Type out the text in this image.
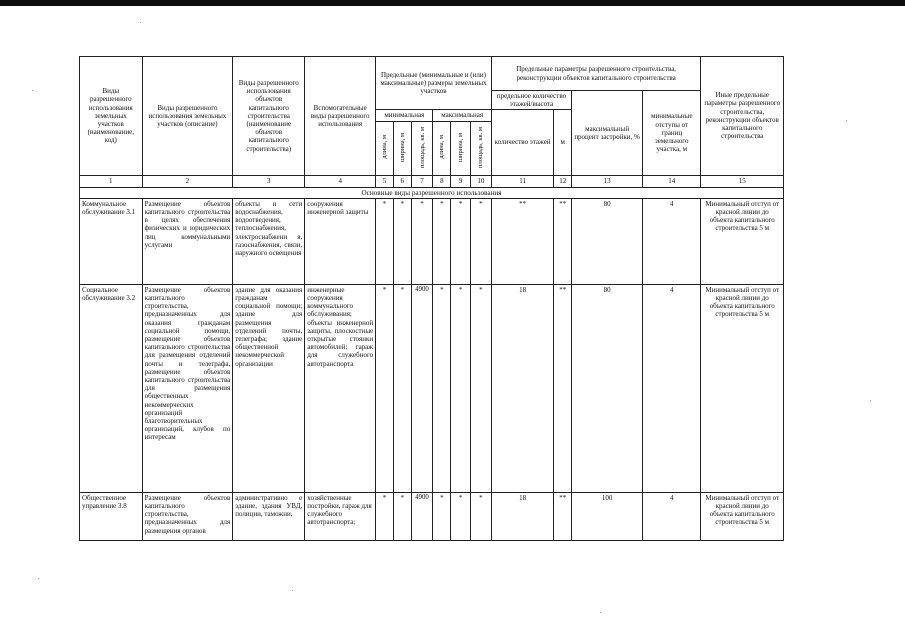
Виды разрешенного использования земельных участков (наименование, код)	Виды разрешенного использования земельных участков (описание)	Виды разрешенного использования объектов капитального строительства (наименование объектов капитального строительства)	Вспомогательные виды разрешенного использования	Предельные (минимальные и (или) максимальные) размеры земельных участков						Предельные параметры разрешенного строительства, реконструкции объектов капитального строительства				Иные предельные параметры разрешенного строительства, реконструкции объектов капитального строительства
										предельное количество этажей/высота		максимальный процент застройки, %	минимальные отступы от границ земельного участка, м	
				минимальная			максимальная			количество этажей	м			
				длина, м	ширина, м	площадь, кв. м	длина, м	ширина, м	площадь, кв. м					
1	2	3	4	5	6	7	8	9	10	11	12	13	14	15
Основные виды разрешенного использования														
Коммунальное обслуживание 3.1	Размещение объектов капитального строительства в целях обеспечения физических и юридических лиц коммунальными услугами	объекты и сети водоснабжения, водоотведения, теплоснабжения, электроснабжени я, газоснабжения, связи, наружного освещения	сооружения инженерной защиты	*	*	*	*	*	*	**	**	80	4	Минимальный отступ от красной линии до объекта капитального строительства 5 м
Социальное обслуживание 3.2	Размещение объектов капитального строительства, предназначенных для оказания гражданам социальной помощи, размещение объектов капитального строительства для размещения отделений почты и телеграфа, размещение объектов капитального строительства для размещения общественных некоммерческих организаций благотворительных организаций, клубов по интересам	здание для оказания гражданам социальной помощи; здание для размещения отделений почты, телеграфа; здание общественной некоммерческой организации	инженерные сооружения коммунального обслуживания; объекты инженерной защиты, плоскостные открытые стоянки автомобилей; гараж для служебного автотранспорта	*	*	4900	*	*	*	18	**	80	4	Минимальный отступ от красной линии до объекта капитального строительства 5 м
Общественное управление 3.8	Размещение объектов капитального строительства, предназначенных для размещения органов	административно е здание, здания УВД, полиции, таможни,	хозяйственные постройки, гараж для служебного автотранспорта;	*	*	4900	*	*	*	18	**	100	4	Минимальный отступ от красной линии до объекта капитального строительства 5 м
